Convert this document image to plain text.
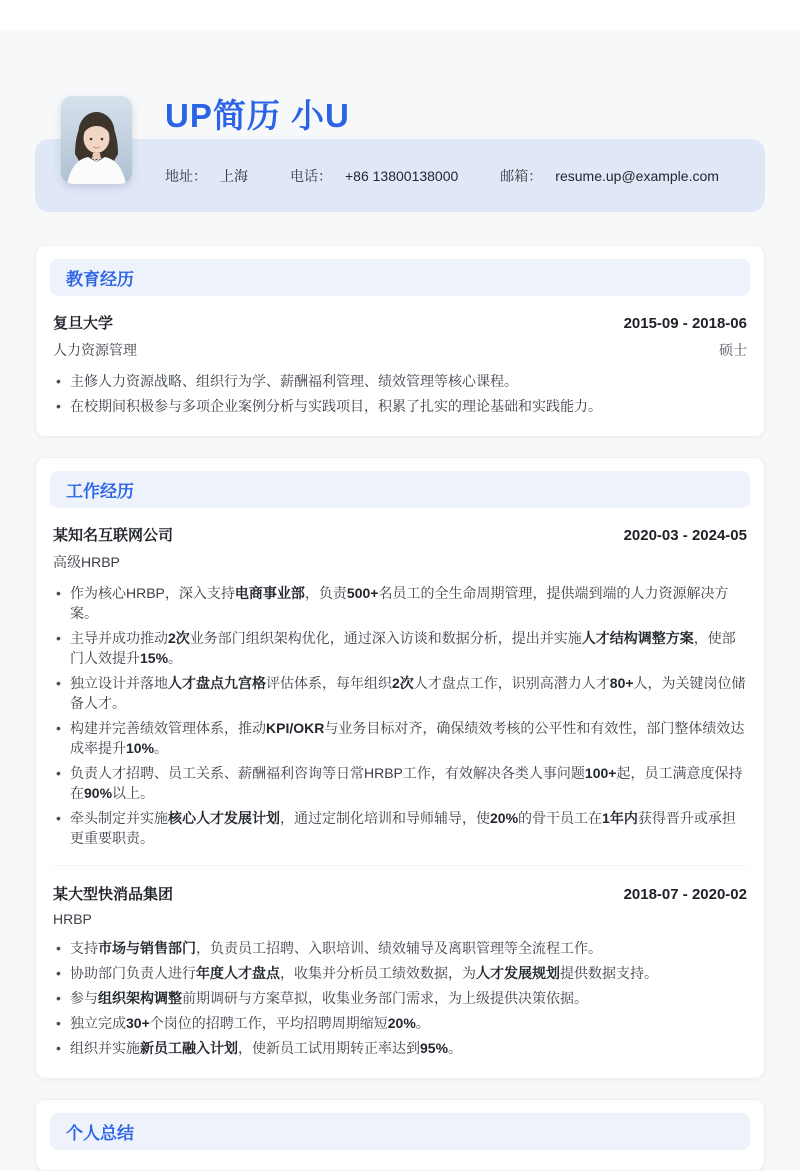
UP简历 小U
地址： 上海	电话： +86 13800138000	邮箱： resume.up@example.com
教育经历
复旦大学	2015-09 - 2018-06
人力资源管理	硕士
• 主修人力资源战略、组织行为学、薪酬福利管理、绩效管理等核心课程。
• 在校期间积极参与多项企业案例分析与实践项目，积累了扎实的理论基础和实践能力。
工作经历
某知名互联网公司	2020-03 - 2024-05
高级HRBP
• 作为核心HRBP，深入支持电商事业部，负责500+名员工的全生命周期管理，提供端到端的人力资源解决方案。
• 主导并成功推动2次业务部门组织架构优化，通过深入访谈和数据分析，提出并实施人才结构调整方案，使部门人效提升15%。
• 独立设计并落地人才盘点九宫格评估体系，每年组织2次人才盘点工作，识别高潜力人才80+人，为关键岗位储备人才。
• 构建并完善绩效管理体系，推动KPI/OKR与业务目标对齐，确保绩效考核的公平性和有效性，部门整体绩效达成率提升10%。
• 负责人才招聘、员工关系、薪酬福利咨询等日常HRBP工作，有效解决各类人事问题100+起，员工满意度保持在90%以上。
• 牵头制定并实施核心人才发展计划，通过定制化培训和导师辅导，使20%的骨干员工在1年内获得晋升或承担更重要职责。
某大型快消品集团	2018-07 - 2020-02
HRBP
• 支持市场与销售部门，负责员工招聘、入职培训、绩效辅导及离职管理等全流程工作。
• 协助部门负责人进行年度人才盘点，收集并分析员工绩效数据，为人才发展规划提供数据支持。
• 参与组织架构调整前期调研与方案草拟，收集业务部门需求，为上级提供决策依据。
• 独立完成30+个岗位的招聘工作，平均招聘周期缩短20%。
• 组织并实施新员工融入计划，使新员工试用期转正率达到95%。
个人总结
